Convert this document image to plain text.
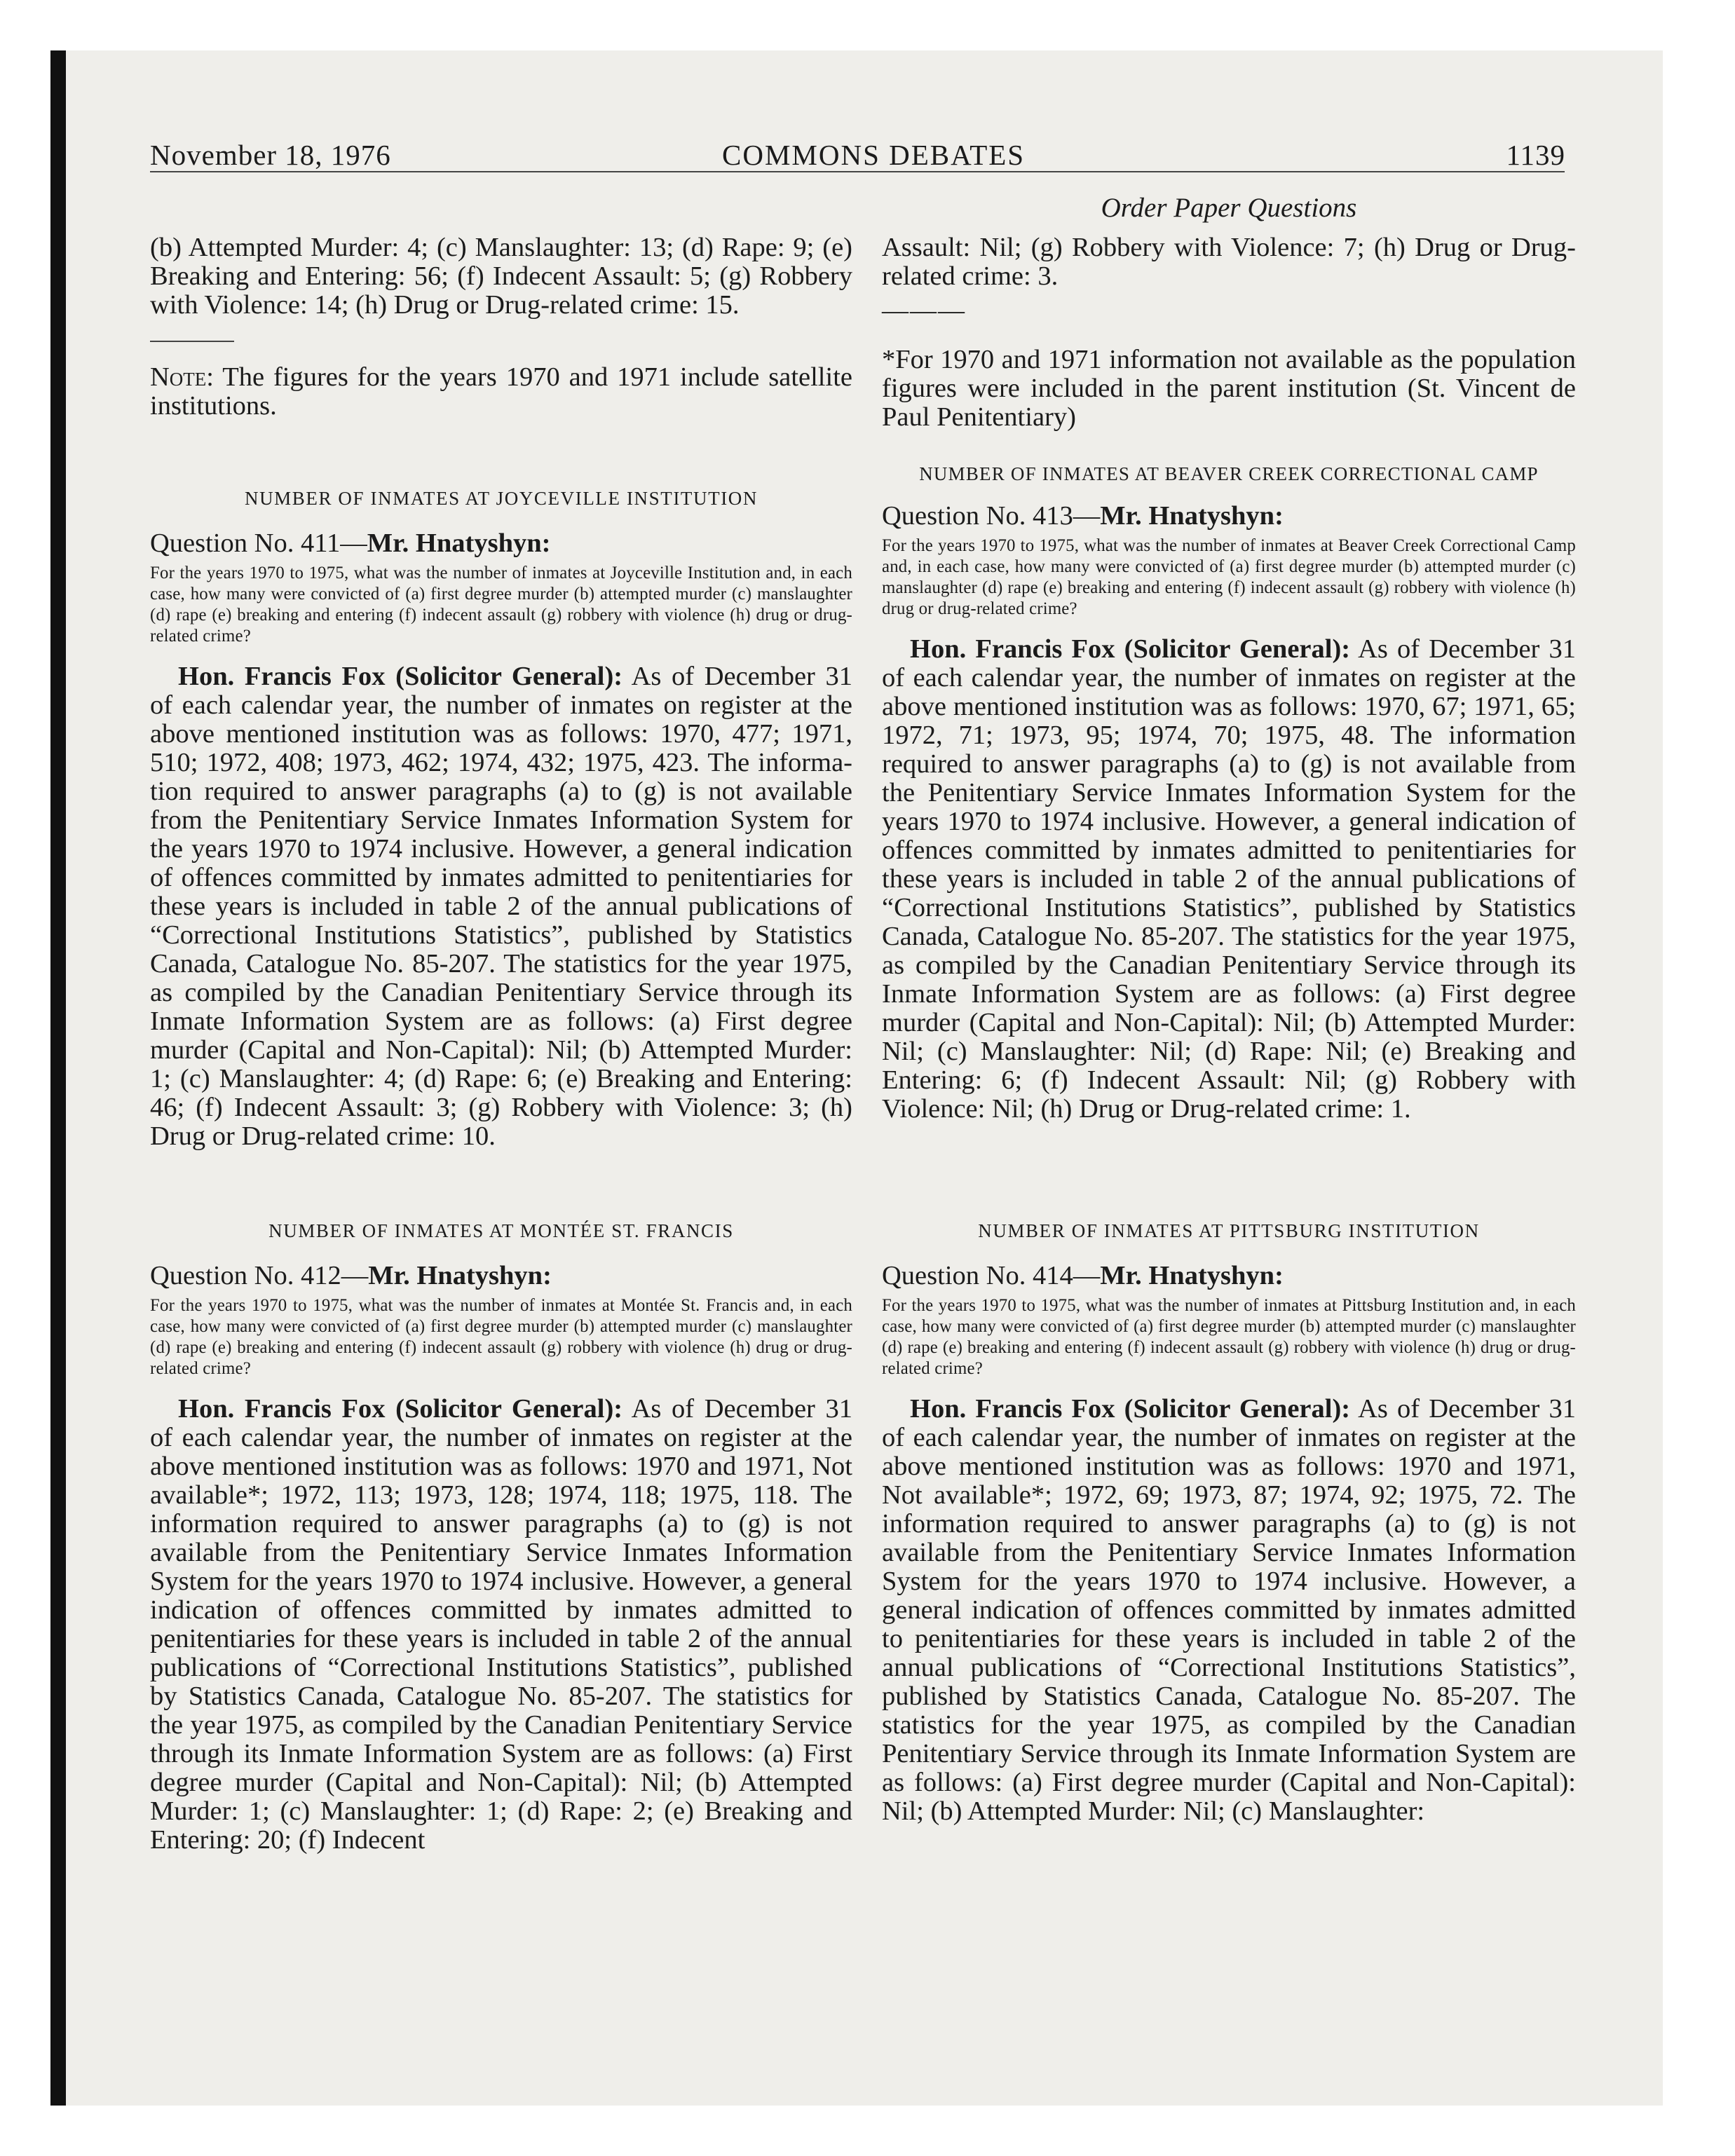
November 18, 1976	COMMONS DEBATES	1139

(b) Attempted Murder: 4; (c) Manslaughter: 13; (d) Rape: 9; (e) Breaking and Entering: 56; (f) Indecent Assault: 5; (g) Robbery with Violence: 14; (h) Drug or Drug-related crime: 15.

Note: The figures for the years 1970 and 1971 include satellite institutions.

NUMBER OF INMATES AT JOYCEVILLE INSTITUTION

Question No. 411—Mr. Hnatyshyn:

For the years 1970 to 1975, what was the number of inmates at Joyceville Institution and, in each case, how many were convicted of (a) first degree murder (b) attempted murder (c) manslaughter (d) rape (e) breaking and entering (f) indecent assault (g) robbery with violence (h) drug or drug-related crime?

Hon. Francis Fox (Solicitor General): As of December 31 of each calendar year, the number of inmates on register at the above mentioned institution was as follows: 1970, 477; 1971, 510; 1972, 408; 1973, 462; 1974, 432; 1975, 423. The information required to answer paragraphs (a) to (g) is not available from the Penitentiary Service Inmates Information System for the years 1970 to 1974 inclusive. However, a general indication of offences committed by inmates admitted to penitentiaries for these years is included in table 2 of the annual publications of “Correctional Institutions Statistics”, published by Statistics Canada, Catalogue No. 85-207. The statistics for the year 1975, as compiled by the Canadian Penitentiary Service through its Inmate Information System are as follows: (a) First degree murder (Capital and Non-Capital): Nil; (b) Attempted Murder: 1; (c) Manslaughter: 4; (d) Rape: 6; (e) Breaking and Entering: 46; (f) Indecent Assault: 3; (g) Robbery with Violence: 3; (h) Drug or Drug-related crime: 10.

NUMBER OF INMATES AT MONTÉE ST. FRANCIS

Question No. 412—Mr. Hnatyshyn:

For the years 1970 to 1975, what was the number of inmates at Montée St. Francis and, in each case, how many were convicted of (a) first degree murder (b) attempted murder (c) manslaughter (d) rape (e) breaking and entering (f) indecent assault (g) robbery with violence (h) drug or drug-related crime?

Hon. Francis Fox (Solicitor General): As of December 31 of each calendar year, the number of inmates on register at the above mentioned institution was as follows: 1970 and 1971, Not available*; 1972, 113; 1973, 128; 1974, 118; 1975, 118. The information required to answer paragraphs (a) to (g) is not available from the Penitentiary Service Inmates Information System for the years 1970 to 1974 inclusive. However, a general indication of offences committed by inmates admitted to penitentiaries for these years is included in table 2 of the annual publications of “Correctional Institutions Statistics”, published by Statistics Canada, Catalogue No. 85-207. The statistics for the year 1975, as compiled by the Canadian Penitentiary Service through its Inmate Information System are as follows: (a) First degree murder (Capital and Non-Capital): Nil; (b) Attempted Murder: 1; (c) Manslaughter: 1; (d) Rape: 2; (e) Breaking and Entering: 20; (f) Indecent

Order Paper Questions

Assault: Nil; (g) Robbery with Violence: 7; (h) Drug or Drug-related crime: 3.

———

*For 1970 and 1971 information not available as the population figures were included in the parent institution (St. Vincent de Paul Penitentiary)

NUMBER OF INMATES AT BEAVER CREEK CORRECTIONAL CAMP

Question No. 413—Mr. Hnatyshyn:

For the years 1970 to 1975, what was the number of inmates at Beaver Creek Correctional Camp and, in each case, how many were convicted of (a) first degree murder (b) attempted murder (c) manslaughter (d) rape (e) breaking and entering (f) indecent assault (g) robbery with violence (h) drug or drug-related crime?

Hon. Francis Fox (Solicitor General): As of December 31 of each calendar year, the number of inmates on register at the above mentioned institution was as follows: 1970, 67; 1971, 65; 1972, 71; 1973, 95; 1974, 70; 1975, 48. The information required to answer paragraphs (a) to (g) is not available from the Penitentiary Service Inmates Information System for the years 1970 to 1974 inclusive. However, a general indication of offences committed by inmates admitted to penitentiaries for these years is included in table 2 of the annual publications of “Correctional Institutions Statistics”, published by Statistics Canada, Catalogue No. 85-207. The statistics for the year 1975, as compiled by the Canadian Penitentiary Service through its Inmate Information System are as follows: (a) First degree murder (Capital and Non-Capital): Nil; (b) Attempted Murder: Nil; (c) Manslaughter: Nil; (d) Rape: Nil; (e) Breaking and Entering: 6; (f) Indecent Assault: Nil; (g) Robbery with Violence: Nil; (h) Drug or Drug-related crime: 1.

NUMBER OF INMATES AT PITTSBURG INSTITUTION

Question No. 414—Mr. Hnatyshyn:

For the years 1970 to 1975, what was the number of inmates at Pittsburg Institution and, in each case, how many were convicted of (a) first degree murder (b) attempted murder (c) manslaughter (d) rape (e) breaking and entering (f) indecent assault (g) robbery with violence (h) drug or drug-related crime?

Hon. Francis Fox (Solicitor General): As of December 31 of each calendar year, the number of inmates on register at the above mentioned institution was as follows: 1970 and 1971, Not available*; 1972, 69; 1973, 87; 1974, 92; 1975, 72. The information required to answer paragraphs (a) to (g) is not available from the Penitentiary Service Inmates Information System for the years 1970 to 1974 inclusive. However, a general indication of offences committed by inmates admitted to penitentiaries for these years is included in table 2 of the annual publications of “Correctional Institutions Statistics”, published by Statistics Canada, Catalogue No. 85-207. The statistics for the year 1975, as compiled by the Canadian Penitentiary Service through its Inmate Information System are as follows: (a) First degree murder (Capital and Non-Capital): Nil; (b) Attempted Murder: Nil; (c) Manslaughter:
